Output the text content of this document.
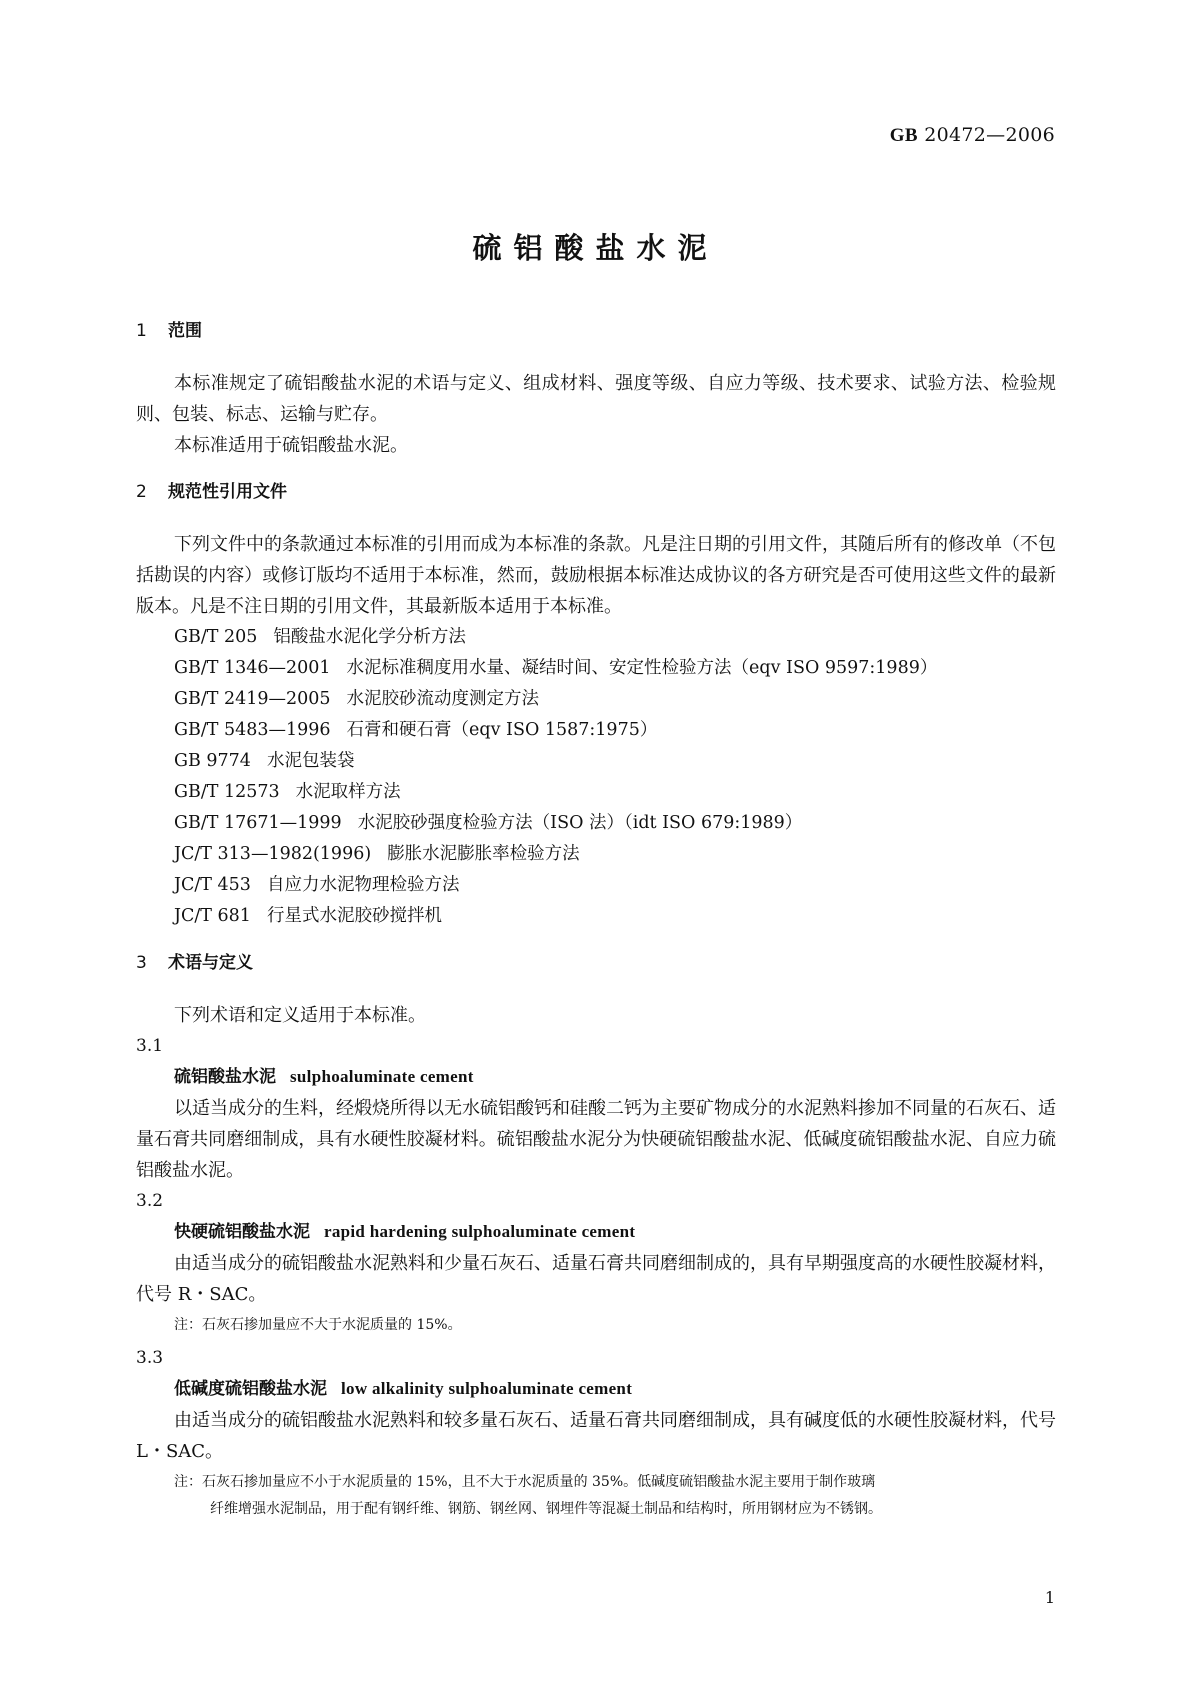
GB 20472—2006
硫铝酸盐水泥
1 范围

本标准规定了硫铝酸盐水泥的术语与定义、组成材料、强度等级、自应力等级、技术要求、试验方法、检验规则、包装、标志、运输与贮存。

本标准适用于硫铝酸盐水泥。

2 规范性引用文件

下列文件中的条款通过本标准的引用而成为本标准的条款。凡是注日期的引用文件，其随后所有的修改单（不包括勘误的内容）或修订版均不适用于本标准，然而，鼓励根据本标准达成协议的各方研究是否可使用这些文件的最新版本。凡是不注日期的引用文件，其最新版本适用于本标准。

GB/T 205 铝酸盐水泥化学分析方法

GB/T 1346—2001 水泥标准稠度用水量、凝结时间、安定性检验方法（eqv ISO 9597:1989）

GB/T 2419—2005 水泥胶砂流动度测定方法

GB/T 5483—1996 石膏和硬石膏（eqv ISO 1587:1975）

GB 9774 水泥包装袋

GB/T 12573 水泥取样方法

GB/T 17671—1999 水泥胶砂强度检验方法（ISO 法）（idt ISO 679:1989）

JC/T 313—1982(1996) 膨胀水泥膨胀率检验方法

JC/T 453 自应力水泥物理检验方法

JC/T 681 行星式水泥胶砂搅拌机

3 术语与定义

下列术语和定义适用于本标准。

3.1

硫铝酸盐水泥 sulphoaluminate cement

以适当成分的生料，经煅烧所得以无水硫铝酸钙和硅酸二钙为主要矿物成分的水泥熟料掺加不同量的石灰石、适量石膏共同磨细制成，具有水硬性胶凝材料。硫铝酸盐水泥分为快硬硫铝酸盐水泥、低碱度硫铝酸盐水泥、自应力硫铝酸盐水泥。

3.2

快硬硫铝酸盐水泥 rapid hardening sulphoaluminate cement

由适当成分的硫铝酸盐水泥熟料和少量石灰石、适量石膏共同磨细制成的，具有早期强度高的水硬性胶凝材料，代号 R・SAC。

注：石灰石掺加量应不大于水泥质量的 15%。

3.3

低碱度硫铝酸盐水泥 low alkalinity sulphoaluminate cement

由适当成分的硫铝酸盐水泥熟料和较多量石灰石、适量石膏共同磨细制成，具有碱度低的水硬性胶凝材料，代号 L・SAC。

注：石灰石掺加量应不小于水泥质量的 15%，且不大于水泥质量的 35%。低碱度硫铝酸盐水泥主要用于制作玻璃
纤维增强水泥制品，用于配有钢纤维、钢筋、钢丝网、钢埋件等混凝土制品和结构时，所用钢材应为不锈钢。

1
